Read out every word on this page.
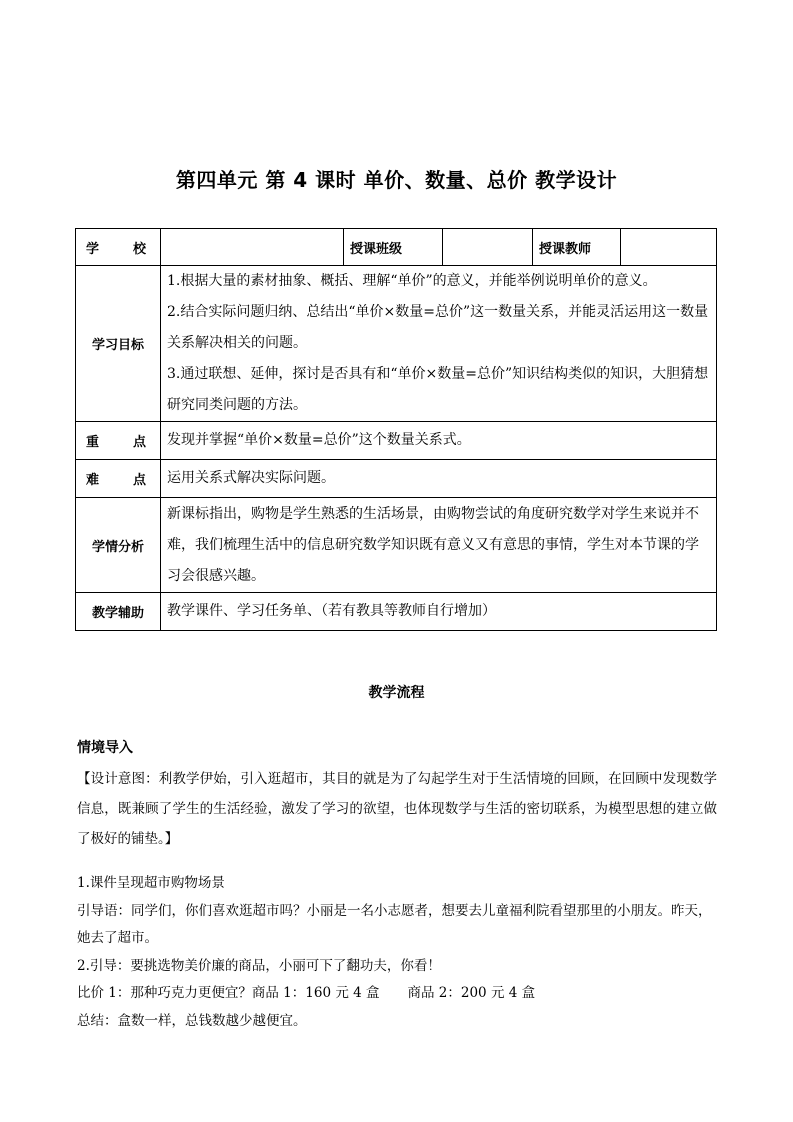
第四单元 第 4 课时 单价、数量、总价 教学设计
学　　校		授课班级		授课教师	
学习目标	1.根据大量的素材抽象、概括、理解“单价”的意义，并能举例说明单价的意义。

2.结合实际问题归纳、总结出“单价×数量=总价”这一数量关系，并能灵活运用这一数量关系解决相关的问题。

3.通过联想、延伸，探讨是否具有和“单价×数量=总价”知识结构类似的知识，大胆猜想研究同类问题的方法。				

重　　点	发现并掌握“单价×数量=总价”这个数量关系式。				
难　　点	运用关系式解决实际问题。				
学情分析	新课标指出，购物是学生熟悉的生活场景，由购物尝试的角度研究数学对学生来说并不难，我们梳理生活中的信息研究数学知识既有意义又有意思的事情，学生对本节课的学习会很感兴趣。				
教学辅助	教学课件、学习任务单、（若有教具等教师自行增加）				
教学流程
情境导入
【设计意图：利教学伊始，引入逛超市，其目的就是为了勾起学生对于生活情境的回顾，在回顾中发现数学信息，既兼顾了学生的生活经验，激发了学习的欲望，也体现数学与生活的密切联系，为模型思想的建立做了极好的铺垫。】

1.课件呈现超市购物场景

引导语：同学们，你们喜欢逛超市吗？小丽是一名小志愿者，想要去儿童福利院看望那里的小朋友。昨天，她去了超市。

2.引导：要挑选物美价廉的商品，小丽可下了翻功夫，你看！

比价 1：那种巧克力更便宜？商品 1：160 元 4 盒 商品 2：200 元 4 盒

总结：盒数一样，总钱数越少越便宜。
